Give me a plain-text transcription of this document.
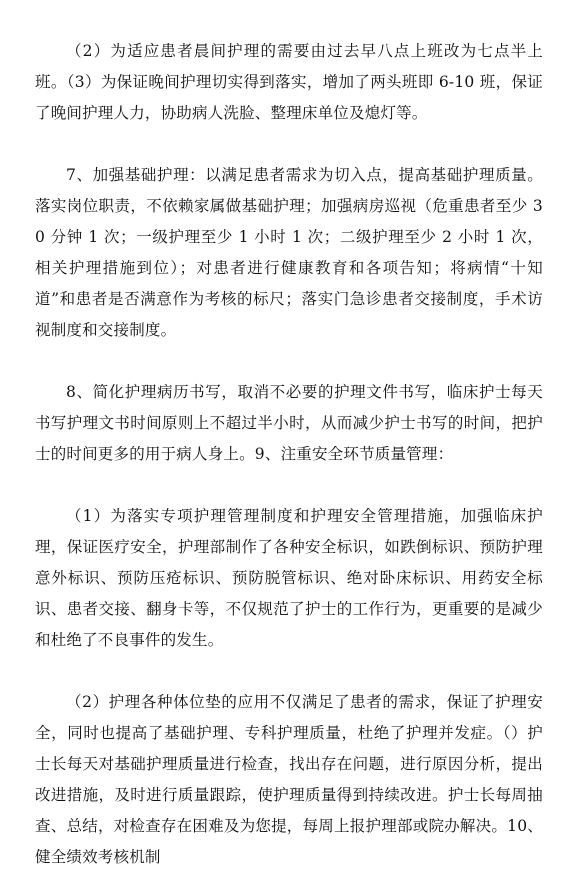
（2）为适应患者晨间护理的需要由过去早八点上班改为七点半上班。（3）为保证晚间护理切实得到落实，增加了两头班即 6-10 班，保证了晚间护理人力，协助病人洗脸、整理床单位及熄灯等。

7、加强基础护理：以满足患者需求为切入点，提高基础护理质量。落实岗位职责，不依赖家属做基础护理；加强病房巡视（危重患者至少 30 分钟 1 次；一级护理至少 1 小时 1 次；二级护理至少 2 小时 1 次，相关护理措施到位）；对患者进行健康教育和各项告知；将病情“十知道”和患者是否满意作为考核的标尺；落实门急诊患者交接制度，手术访视制度和交接制度。

8、简化护理病历书写，取消不必要的护理文件书写，临床护士每天书写护理文书时间原则上不超过半小时，从而减少护士书写的时间，把护士的时间更多的用于病人身上。9、注重安全环节质量管理：

（1）为落实专项护理管理制度和护理安全管理措施，加强临床护理，保证医疗安全，护理部制作了各种安全标识，如跌倒标识、预防护理意外标识、预防压疮标识、预防脱管标识、绝对卧床标识、用药安全标识、患者交接、翻身卡等，不仅规范了护士的工作行为，更重要的是减少和杜绝了不良事件的发生。

（2）护理各种体位垫的应用不仅满足了患者的需求，保证了护理安全，同时也提高了基础护理、专科护理质量，杜绝了护理并发症。（）护士长每天对基础护理质量进行检查，找出存在问题，进行原因分析，提出改进措施，及时进行质量跟踪，使护理质量得到持续改进。护士长每周抽查、总结，对检查存在困难及为您提，每周上报护理部或院办解决。10、健全绩效考核机制
